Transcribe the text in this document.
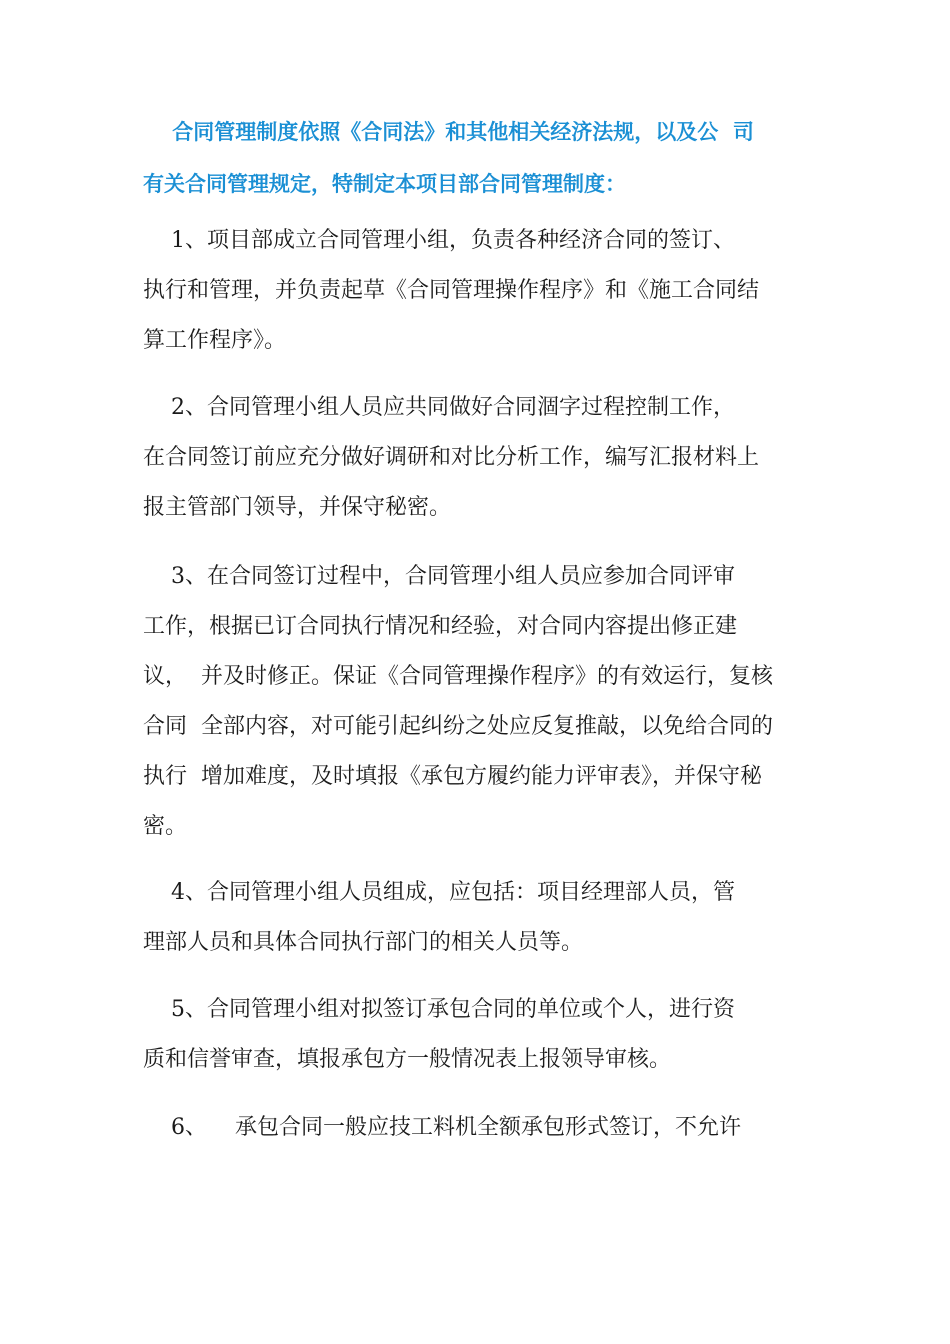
合同管理制度依照《合同法》和其他相关经济法规，以及公  司
有关合同管理规定，特制定本项目部合同管理制度：
1、项目部成立合同管理小组，负责各种经济合同的签订、
执行和管理，并负责起草《合同管理操作程序》和《施工合同结
算工作程序》。
2、合同管理小组人员应共同做好合同涸字过程控制工作，
在合同签订前应充分做好调研和对比分析工作，编写汇报材料上
报主管部门领导，并保守秘密。
3、在合同签订过程中，合同管理小组人员应参加合同评审
工作，根据已订合同执行情况和经验，对合同内容提出修正建
议，  并及时修正。保证《合同管理操作程序》的有效运行，复核
合同  全部内容，对可能引起纠纷之处应反复推敲，以免给合同的
执行  增加难度，及时填报《承包方履约能力评审表》，并保守秘
密。
4、合同管理小组人员组成，应包括：项目经理部人员，管
理部人员和具体合同执行部门的相关人员等。
5、合同管理小组对拟签订承包合同的单位或个人，进行资
质和信誉审查，填报承包方一般情况表上报领导审核。
6、    承包合同一般应技工料机全额承包形式签订，不允许
